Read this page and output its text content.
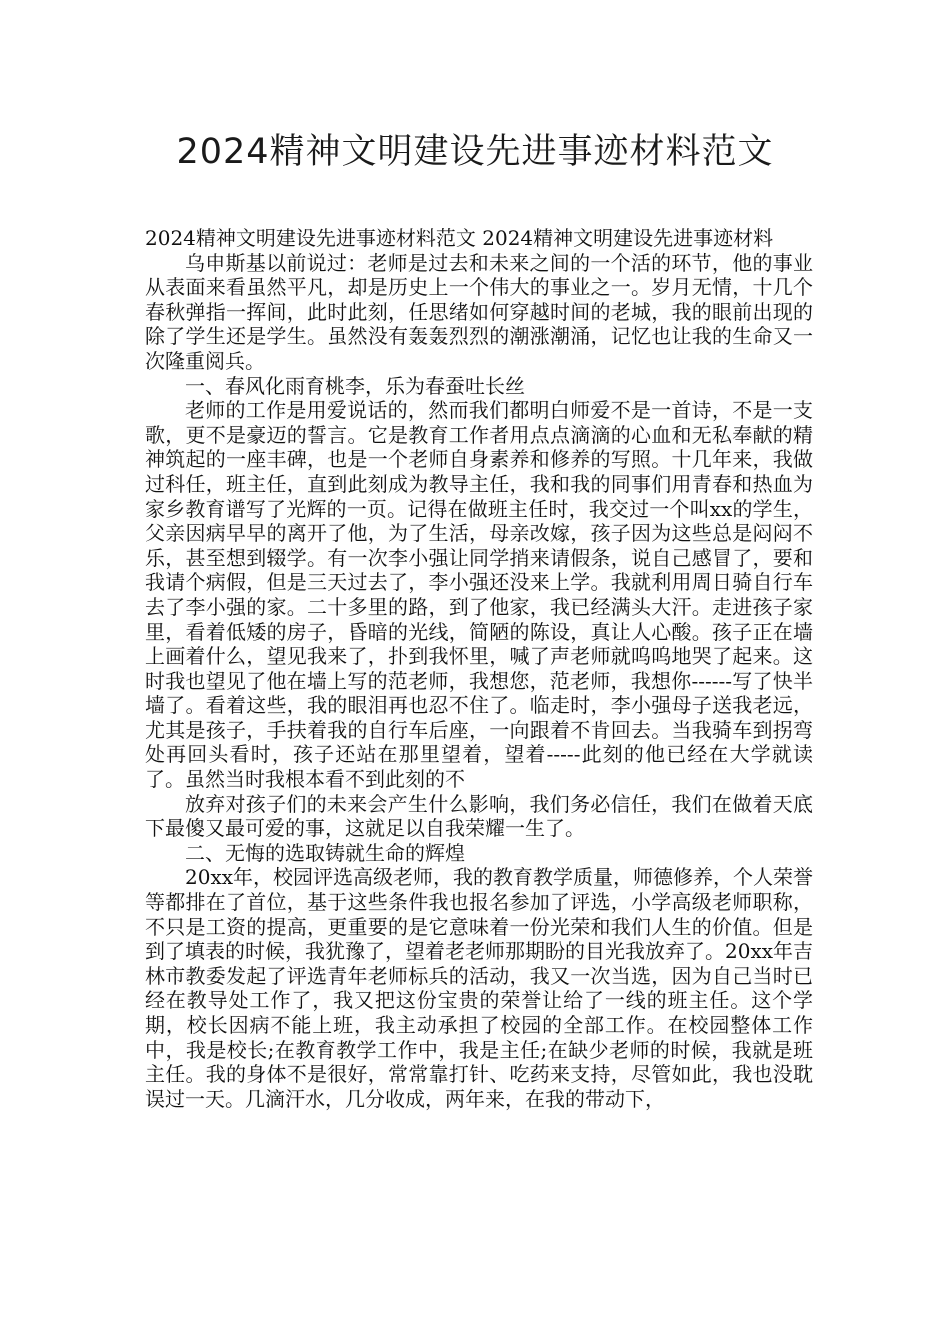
2024精神文明建设先进事迹材料范文

2024精神文明建设先进事迹材料范文 2024精神文明建设先进事迹材料

乌申斯基以前说过：老师是过去和未来之间的一个活的环节，他的事业从表面来看虽然平凡，却是历史上一个伟大的事业之一。岁月无情，十几个春秋弹指一挥间，此时此刻，任思绪如何穿越时间的老城，我的眼前出现的除了学生还是学生。虽然没有轰轰烈烈的潮涨潮涌，记忆也让我的生命又一次隆重阅兵。

一、春风化雨育桃李，乐为春蚕吐长丝

老师的工作是用爱说话的，然而我们都明白师爱不是一首诗，不是一支歌，更不是豪迈的誓言。它是教育工作者用点点滴滴的心血和无私奉献的精神筑起的一座丰碑，也是一个老师自身素养和修养的写照。十几年来，我做过科任，班主任，直到此刻成为教导主任，我和我的同事们用青春和热血为家乡教育谱写了光辉的一页。记得在做班主任时，我交过一个叫xx的学生，父亲因病早早的离开了他，为了生活，母亲改嫁，孩子因为这些总是闷闷不乐，甚至想到辍学。有一次李小强让同学捎来请假条，说自己感冒了，要和我请个病假，但是三天过去了，李小强还没来上学。我就利用周日骑自行车去了李小强的家。二十多里的路，到了他家，我已经满头大汗。走进孩子家里，看着低矮的房子，昏暗的光线，简陋的陈设，真让人心酸。孩子正在墙上画着什么，望见我来了，扑到我怀里，喊了声老师就呜呜地哭了起来。这时我也望见了他在墙上写的范老师，我想您，范老师，我想你------写了快半墙了。看着这些，我的眼泪再也忍不住了。临走时，李小强母子送我老远，尤其是孩子，手扶着我的自行车后座，一向跟着不肯回去。当我骑车到拐弯处再回头看时，孩子还站在那里望着，望着-----此刻的他已经在大学就读了。虽然当时我根本看不到此刻的不

放弃对孩子们的未来会产生什么影响，我们务必信任，我们在做着天底下最傻又最可爱的事，这就足以自我荣耀一生了。

二、无悔的选取铸就生命的辉煌

20xx年，校园评选高级老师，我的教育教学质量，师德修养，个人荣誉等都排在了首位，基于这些条件我也报名参加了评选，小学高级老师职称，不只是工资的提高，更重要的是它意味着一份光荣和我们人生的价值。但是到了填表的时候，我犹豫了，望着老老师那期盼的目光我放弃了。20xx年吉林市教委发起了评选青年老师标兵的活动，我又一次当选，因为自己当时已经在教导处工作了，我又把这份宝贵的荣誉让给了一线的班主任。这个学期，校长因病不能上班，我主动承担了校园的全部工作。在校园整体工作中，我是校长;在教育教学工作中，我是主任;在缺少老师的时候，我就是班主任。我的身体不是很好，常常靠打针、吃药来支持，尽管如此，我也没耽误过一天。几滴汗水，几分收成，两年来，在我的带动下，
